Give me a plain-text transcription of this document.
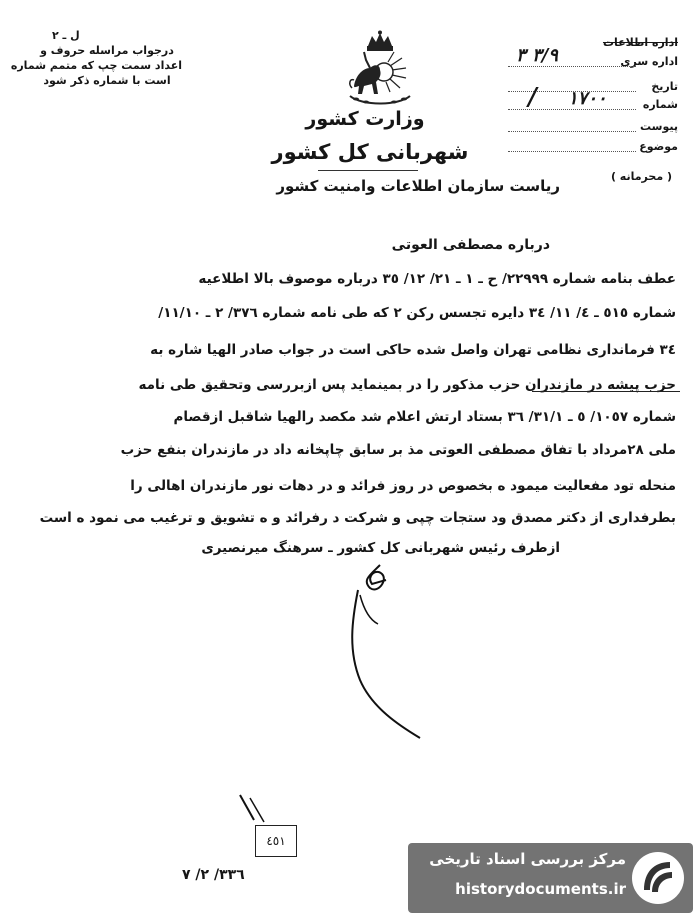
ل ـ ٢
درجواب مراسله حروف و
اعداد سمت چپ که متمم شماره
است با شماره ذکر شود
وزارت کشور
شهربانی کل کشور
اداره اطلاعات
اداره سری
٣/٩ ٣
تاریخ
/	شماره
١٧٠٠
پیوست
موضوع
( محرمانه )
ریاست سازمان اطلاعات وامنیت کشور
درباره مصطفی العوتی
عطف بنامه شماره ٢٢٩٩٩/ ح ـ ١ ـ ٢١/ ١٢/ ٣٥ درباره موصوف بالا اطلاعیه
شماره ٥١٥ ـ ٤/ ١١/ ٣٤ دایره تجسس رکن ٢ که طی نامه شماره ٣٧٦/ ٢ ـ ١١/١٠/
٣٤ فرماندارى نظامى تهران واصل شده حاکی است در جواب صادر الهیا شاره به
حزب پیشه در مازندران حزب مذکور را در بمینماید پس ازبررسی وتحقیق طی نامه
شماره ١٠٥٧/ ٥ ـ ٣١/١/ ٣٦ بستاد ارتش اعلام شد مکصد رالهیا شاقبل ازقصام
ملی ٢٨مرداد با تفاق مصطفی العوتی مذ بر سابق چاپخانه داد در مازندران بنفع حزب
منحله تود مفعالیت میمود ه بخصوص در روز فرائد و در دهات نور مازندران اهالی را
بطرفداری از دکتر مصدق ود ستجات چپی و شرکت د رفرائد و ه تشویق و ترغیب می نمود ه است
ازطرف رئیس شهربانی کل کشور ـ سرهنگ میرنصیری
٤٥١
٣٣٦/ ٢/ ٧
مرکز بررسی اسناد تاریخی
historydocuments.ir
